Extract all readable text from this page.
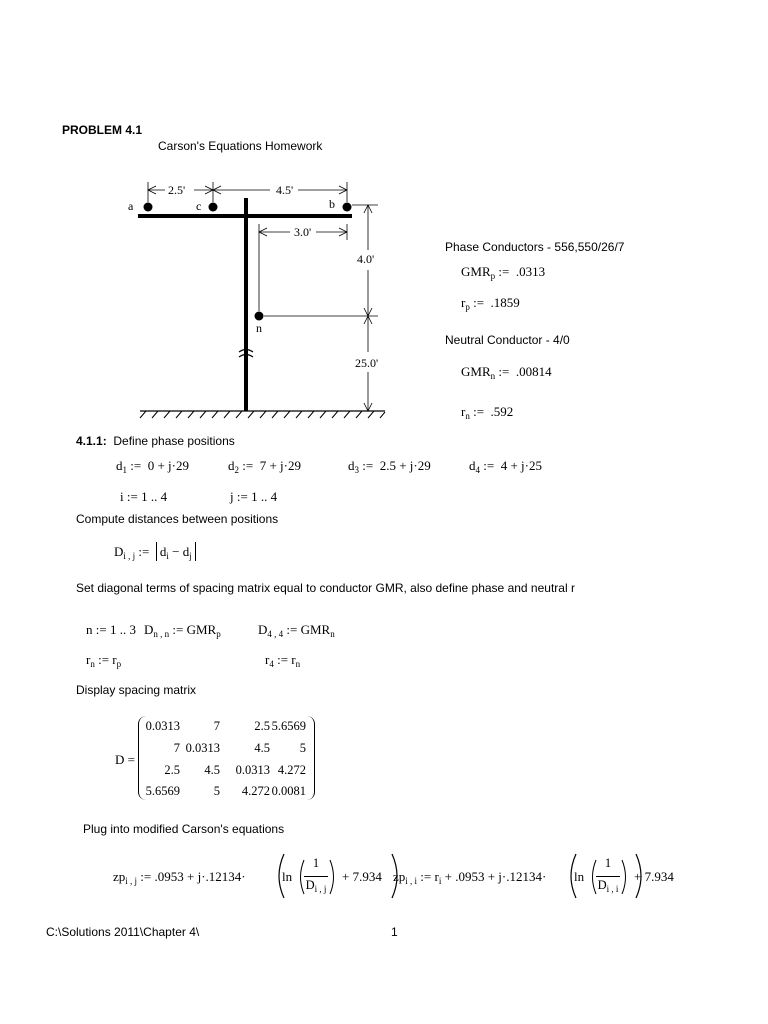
PROBLEM 4.1
Carson's Equations Homework
2.5'	4.5'
3.0'
4.0'
25.0'
a	c	b
n
Phase Conductors - 556,550/26/7
$GMR_p$ :=  .0313
$r_p$ :=  .1859
Neutral Conductor - 4/0
$GMR_n$ :=  .00814
$r_n$ :=  .592
4.1.1: Define phase positions
$d_1$ :=  0 + j·29	$d_2$ :=  7 + j·29	$d_3$ :=  2.5 + j·29	$d_4$ :=  4 + j·25
i := 1 .. 4	j := 1 .. 4
Compute distances between positions
$D_{i , j}$ :=  $d_i - d_j$
Set diagonal terms of spacing matrix equal to conductor GMR, also define phase and neutral r
n := 1 .. 3 $D_{n , n}$ := $GMR_p$	$D_{4 , 4}$ := $GMR_n$
$r_n$ := $r_p$	$r_4$ := $r_n$
Display spacing matrix
D =
0.0313	7	2.5 5.6569
7 0.0313	4.5	5
2.5	4.5	0.0313 4.272
5.6569	5	4.272 0.0081
Plug into modified Carson's equations
$zp_{i , j}$ := .0953 + j·.12134·	ln
1
$D_{i , j}$
+ 7.934 $zp_{i , i}$ := $r_i + .0953 + j\cdot.12134\cdot \ln$
1
$D_{i , i}$
+ 7.934
C:\Solutions 2011\Chapter 4\	1
